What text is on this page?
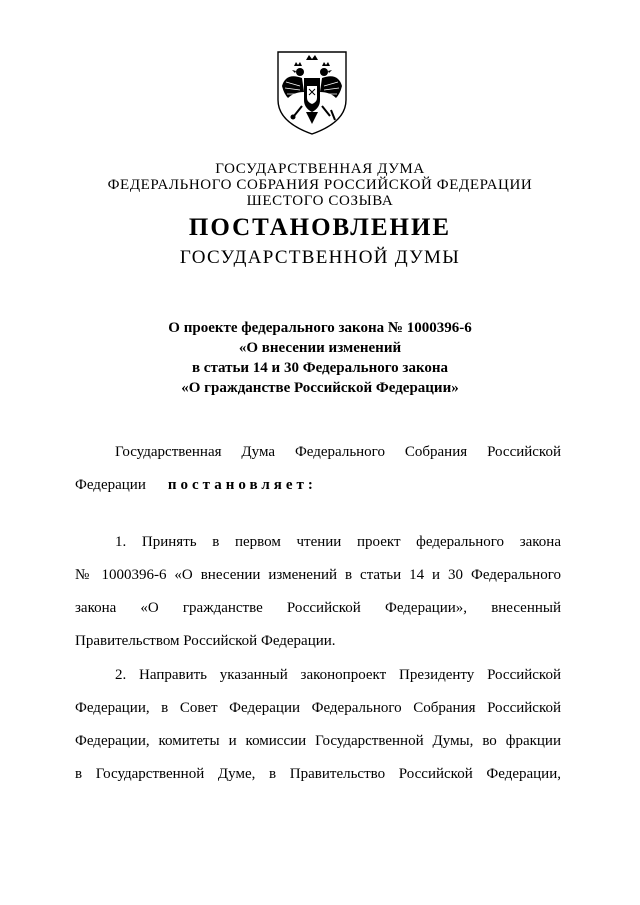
ГОСУДАРСТВЕННАЯ ДУМА
ФЕДЕРАЛЬНОГО СОБРАНИЯ РОССИЙСКОЙ ФЕДЕРАЦИИ
ШЕСТОГО СОЗЫВА
ПОСТАНОВЛЕНИЕ
ГОСУДАРСТВЕННОЙ ДУМЫ
О проекте федерального закона № 1000396-6
«О внесении изменений
в статьи 14 и 30 Федерального закона
«О гражданстве Российской Федерации»
Государственная Дума Федерального Собрания Российской
Федерации постановляет:
1. Принять в первом чтении проект федерального закона
№ 1000396-6 «О внесении изменений в статьи 14 и 30 Федерального
закона «О гражданстве Российской Федерации», внесенный
Правительством Российской Федерации.
2. Направить указанный законопроект Президенту Российской
Федерации, в Совет Федерации Федерального Собрания Российской
Федерации, комитеты и комиссии Государственной Думы, во фракции
в Государственной Думе, в Правительство Российской Федерации,
